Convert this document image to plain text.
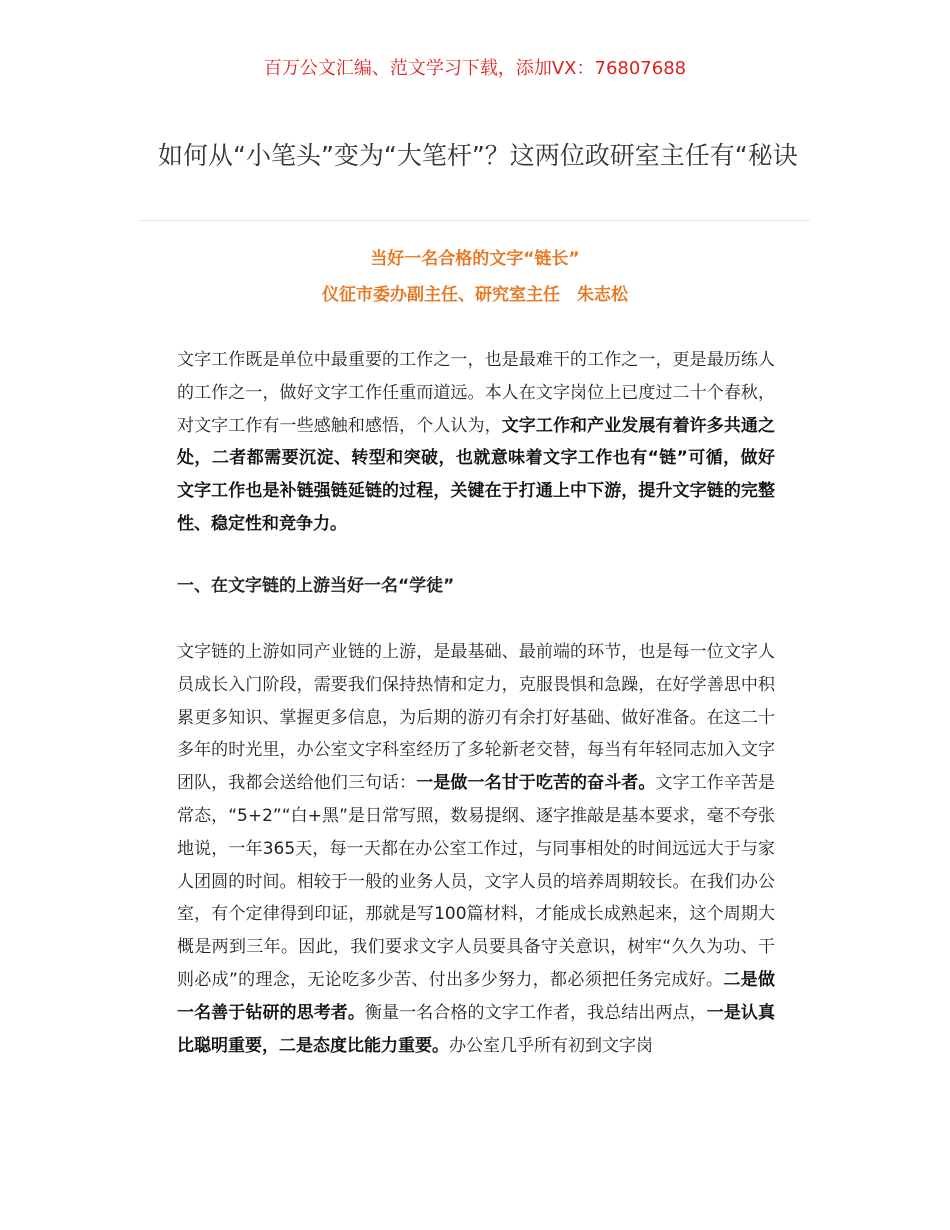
百万公文汇编、范文学习下载，添加VX：76807688
如何从“小笔头”变为“大笔杆”？这两位政研室主任有“秘诀
当好一名合格的文字“链长”
仪征市委办副主任、研究室主任　朱志松

文字工作既是单位中最重要的工作之一，也是最难干的工作之一，更是最历练人的工作之一，做好文字工作任重而道远。本人在文字岗位上已度过二十个春秋，对文字工作有一些感触和感悟，个人认为，文字工作和产业发展有着许多共通之处，二者都需要沉淀、转型和突破，也就意味着文字工作也有“链”可循，做好文字工作也是补链强链延链的过程，关键在于打通上中下游，提升文字链的完整性、稳定性和竞争力。

一、在文字链的上游当好一名“学徒”

文字链的上游如同产业链的上游，是最基础、最前端的环节，也是每一位文字人员成长入门阶段，需要我们保持热情和定力，克服畏惧和急躁，在好学善思中积累更多知识、掌握更多信息，为后期的游刃有余打好基础、做好准备。在这二十多年的时光里，办公室文字科室经历了多轮新老交替，每当有年轻同志加入文字团队，我都会送给他们三句话：一是做一名甘于吃苦的奋斗者。文字工作辛苦是常态，“5+2”“白+黑”是日常写照，数易提纲、逐字推敲是基本要求，毫不夸张地说，一年365天，每一天都在办公室工作过，与同事相处的时间远远大于与家人团圆的时间。相较于一般的业务人员，文字人员的培养周期较长。在我们办公室，有个定律得到印证，那就是写100篇材料，才能成长成熟起来，这个周期大概是两到三年。因此，我们要求文字人员要具备守关意识，树牢“久久为功、干则必成”的理念，无论吃多少苦、付出多少努力，都必须把任务完成好。二是做一名善于钻研的思考者。衡量一名合格的文字工作者，我总结出两点，一是认真比聪明重要，二是态度比能力重要。办公室几乎所有初到文字岗
